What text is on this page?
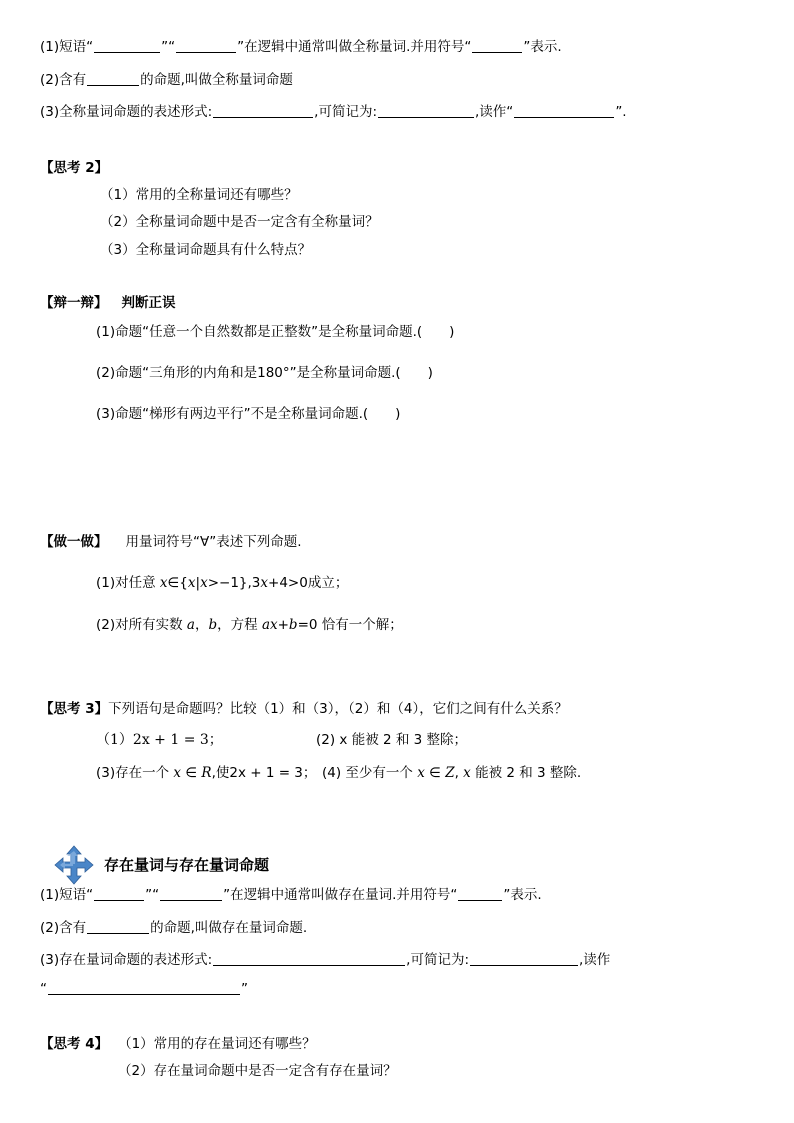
(1)短语“	”“	”在逻辑中通常叫做全称量词.并用符号“	”表示.
(2)含有	的命题,叫做全称量词命题
(3)全称量词命题的表述形式:	,可简记为:	,读作“	”.
【思考 2】
（1）常用的全称量词还有哪些？
（2）全称量词命题中是否一定含有全称量词？
（3）全称量词命题具有什么特点？
【辩一辩】 判断正误
(1)命题“任意一个自然数都是正整数”是全称量词命题.(　　)
(2)命题“三角形的内角和是180°”是全称量词命题.(　　)
(3)命题“梯形有两边平行”不是全称量词命题.(　　)
【做一做】 用量词符号“∀”表述下列命题.
(1)对任意 x∈{x|x>−1},3x+4>0成立；
(2)对所有实数 a，b，方程 ax+b=0 恰有一个解；
【思考 3】下列语句是命题吗？比较（1）和（3），（2）和（4），它们之间有什么关系？
（1）2x + 1 = 3；	(2) x 能被 2 和 3 整除；
(3)存在一个 x ∈ R,使2x + 1 = 3； (4) 至少有一个 x ∈ Z, x 能被 2 和 3 整除.
存在量词与存在量词命题
(1)短语“	”“	”在逻辑中通常叫做存在量词.并用符号“	”表示.
(2)含有	的命题,叫做存在量词命题.
(3)存在量词命题的表述形式:	,可简记为:	,读作
“	”
【思考 4】 （1）常用的存在量词还有哪些？
（2）存在量词命题中是否一定含有存在量词？
